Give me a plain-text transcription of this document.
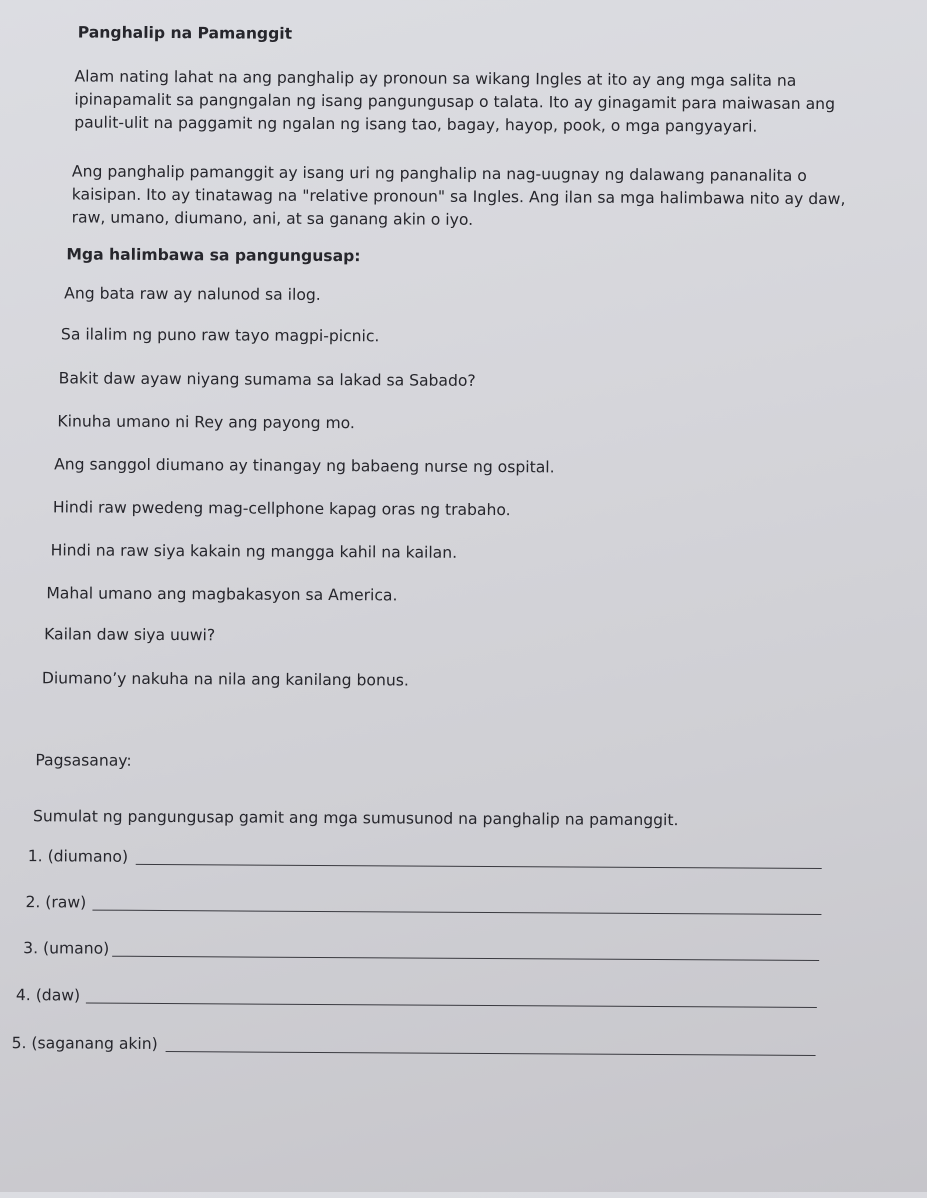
Panghalip na Pamanggit
Alam nating lahat na ang panghalip ay pronoun sa wikang Ingles at ito ay ang mga salita na ipinapamalit sa pangngalan ng isang pangungusap o talata. Ito ay ginagamit para maiwasan ang paulit-ulit na paggamit ng ngalan ng isang tao, bagay, hayop, pook, o mga pangyayari.
Ang panghalip pamanggit ay isang uri ng panghalip na nag-uugnay ng dalawang pananalita o kaisipan. Ito ay tinatawag na "relative pronoun" sa Ingles. Ang ilan sa mga halimbawa nito ay daw, raw, umano, diumano, ani, at sa ganang akin o iyo.
Mga halimbawa sa pangungusap:
Ang bata raw ay nalunod sa ilog.
Sa ilalim ng puno raw tayo magpi-picnic.
Bakit daw ayaw niyang sumama sa lakad sa Sabado?
Kinuha umano ni Rey ang payong mo.
Ang sanggol diumano ay tinangay ng babaeng nurse ng ospital.
Hindi raw pwedeng mag-cellphone kapag oras ng trabaho.
Hindi na raw siya kakain ng mangga kahil na kailan.
Mahal umano ang magbakasyon sa America.
Kailan daw siya uuwi?
Diumano’y nakuha na nila ang kanilang bonus.
Pagsasanay:
Sumulat ng pangungusap gamit ang mga sumusunod na panghalip na pamanggit.
1. (diumano)
2. (raw)
3. (umano)
4. (daw)
5. (saganang akin)
